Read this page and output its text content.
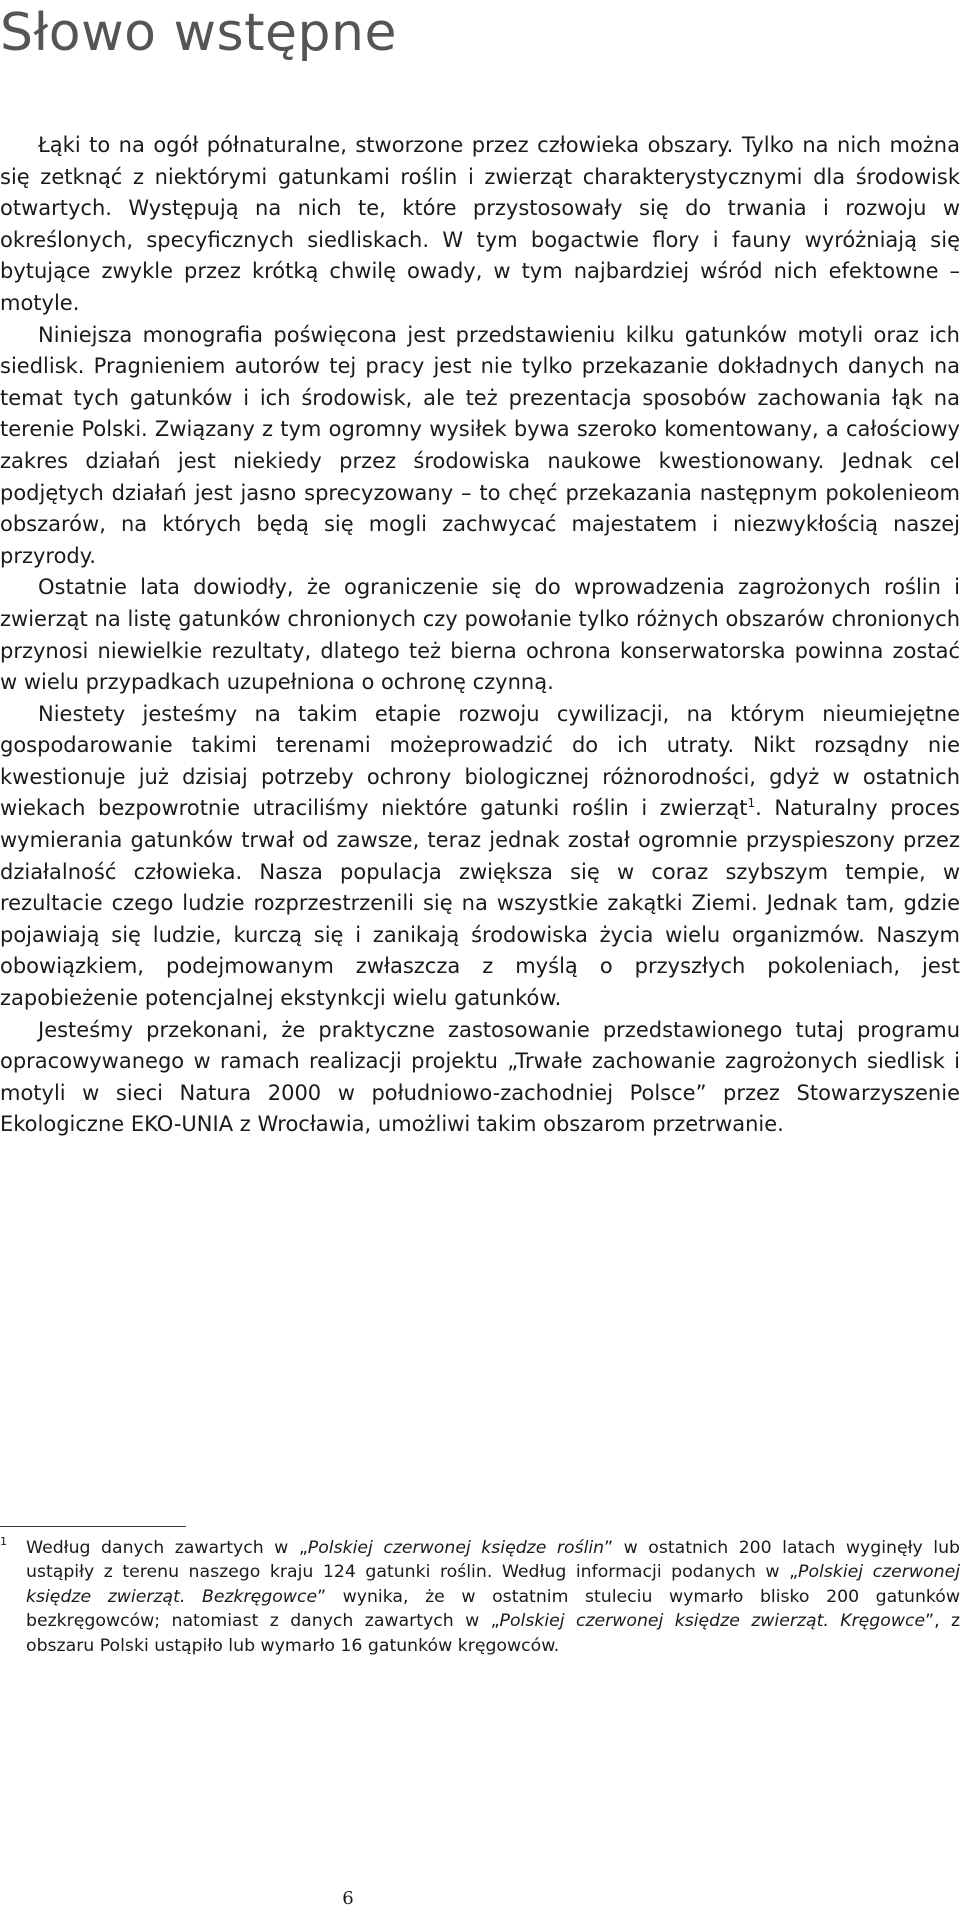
Słowo wstępne

Łąki to na ogół półnaturalne, stworzone przez człowieka obszary. Tylko na nich można się zetknąć z niektórymi gatunkami roślin i zwierząt charakterystycznymi dla środowisk otwartych. Występują na nich te, które przystosowały się do trwania i rozwoju w określonych, specyficznych siedliskach. W tym bogactwie flory i fauny wyróżniają się bytujące zwykle przez krótką chwilę owady, w tym najbardziej wśród nich efektowne – motyle.

Niniejsza monografia poświęcona jest przedstawieniu kilku gatunków motyli oraz ich siedlisk. Pragnieniem autorów tej pracy jest nie tylko przekazanie dokładnych danych na temat tych gatunków i ich środowisk, ale też prezentacja sposobów zachowania łąk na terenie Polski. Związany z tym ogromny wysiłek bywa szeroko komentowany, a całościowy zakres działań jest niekiedy przez środowiska naukowe kwestionowany. Jednak cel podjętych działań jest jasno sprecyzowany – to chęć przekazania następnym pokolenieom obszarów, na których będą się mogli zachwycać majestatem i niezwykłością naszej przyrody.

Ostatnie lata dowiodły, że ograniczenie się do wprowadzenia zagrożonych roślin i zwierząt na listę gatunków chronionych czy powołanie tylko różnych obszarów chronionych przynosi niewielkie rezultaty, dlatego też bierna ochrona konserwatorska powinna zostać w wielu przypadkach uzupełniona o ochronę czynną.

Niestety jesteśmy na takim etapie rozwoju cywilizacji, na którym nieumiejętne gospodarowanie takimi terenami możeprowadzić do ich utraty. Nikt rozsądny nie kwestionuje już dzisiaj potrzeby ochrony biologicznej różnorodności, gdyż w ostatnich wiekach bezpowrotnie utraciliśmy niektóre gatunki roślin i zwierząt$^1$. Naturalny proces wymierania gatunków trwał od zawsze, teraz jednak został ogromnie przyspieszony przez działalność człowieka. Nasza populacja zwiększa się w coraz szybszym tempie, w rezultacie czego ludzie rozprzestrzenili się na wszystkie zakątki Ziemi. Jednak tam, gdzie pojawiają się ludzie, kurczą się i zanikają środowiska życia wielu organizmów. Naszym obowiązkiem, podejmowanym zwłaszcza z myślą o przyszłych pokoleniach, jest zapobieżenie potencjalnej ekstynkcji wielu gatunków.

Jesteśmy przekonani, że praktyczne zastosowanie przedstawionego tutaj programu opracowywanego w ramach realizacji projektu „Trwałe zachowanie zagrożonych siedlisk i motyli w sieci Natura 2000 w południowo-zachodniej Polsce” przez Stowarzyszenie Ekologiczne EKO-UNIA z Wrocławia, umożliwi takim obszarom przetrwanie.

1	Według danych zawartych w „Polskiej czerwonej księdze roślin” w ostatnich 200 latach wyginęły lub ustąpiły z terenu naszego kraju 124 gatunki roślin. Według informacji podanych w „Polskiej czerwonej księdze zwierząt. Bezkręgowce” wynika, że w ostatnim stuleciu wymarło blisko 200 gatunków bezkręgowców; natomiast z danych zawartych w „Polskiej czerwonej księdze zwierząt. Kręgowce”, z obszaru Polski ustąpiło lub wymarło 16 gatunków kręgowców.

6
